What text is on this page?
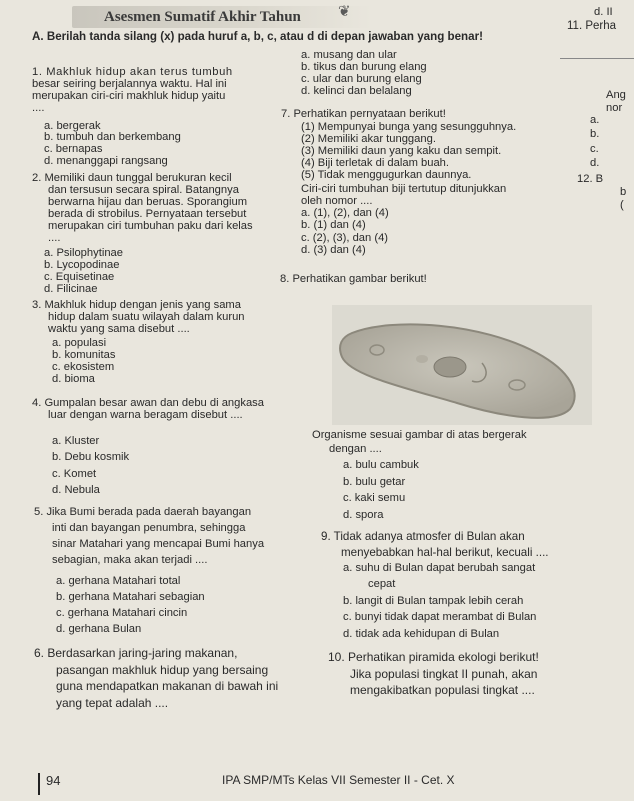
Asesmen Sumatif Akhir Tahun ❦	d. II
A. Berilah tanda silang (x) pada huruf a, b, c, atau d di depan jawaban yang benar!
11. Perha
Ang
nor
a.
b.
c.
d.
12. B
b
(
1. Makhluk hidup akan terus tumbuh
besar seiring berjalannya waktu. Hal ini
merupakan ciri-ciri makhluk hidup yaitu
....
a. bergerak
b. tumbuh dan berkembang
c. bernapas
d. menanggapi rangsang
2. Memiliki daun tunggal berukuran kecil
dan tersusun secara spiral. Batangnya
berwarna hijau dan beruas. Sporangium
berada di strobilus. Pernyataan tersebut
merupakan ciri tumbuhan paku dari kelas
....
a. Psilophytinae
b. Lycopodinae
c. Equisetinae
d. Filicinae
3. Makhluk hidup dengan jenis yang sama
hidup dalam suatu wilayah dalam kurun
waktu yang sama disebut ....
a. populasi
b. komunitas
c. ekosistem
d. bioma
4. Gumpalan besar awan dan debu di angkasa
luar dengan warna beragam disebut ....
a. Kluster
b. Debu kosmik
c. Komet
d. Nebula
5. Jika Bumi berada pada daerah bayangan
inti dan bayangan penumbra, sehingga
sinar Matahari yang mencapai Bumi hanya
sebagian, maka akan terjadi ....
a. gerhana Matahari total
b. gerhana Matahari sebagian
c. gerhana Matahari cincin
d. gerhana Bulan
6. Berdasarkan jaring-jaring makanan,
pasangan makhluk hidup yang bersaing
guna mendapatkan makanan di bawah ini
yang tepat adalah ....
a. musang dan ular
b. tikus dan burung elang
c. ular dan burung elang
d. kelinci dan belalang
7. Perhatikan pernyataan berikut!
(1) Mempunyai bunga yang sesungguhnya.
(2) Memiliki akar tunggang.
(3) Memiliki daun yang kaku dan sempit.
(4) Biji terletak di dalam buah.
(5) Tidak menggugurkan daunnya.
Ciri-ciri tumbuhan biji tertutup ditunjukkan
oleh nomor ....
a. (1), (2), dan (4)
b. (1) dan (4)
c. (2), (3), dan (4)
d. (3) dan (4)
8. Perhatikan gambar berikut!
Organisme sesuai gambar di atas bergerak
dengan ....
a. bulu cambuk
b. bulu getar
c. kaki semu
d. spora
9. Tidak adanya atmosfer di Bulan akan
menyebabkan hal-hal berikut, kecuali ....
a. suhu di Bulan dapat berubah sangat
cepat
b. langit di Bulan tampak lebih cerah
c. bunyi tidak dapat merambat di Bulan
d. tidak ada kehidupan di Bulan
10. Perhatikan piramida ekologi berikut!
Jika populasi tingkat II punah, akan
mengakibatkan populasi tingkat ....
94	IPA SMP/MTs Kelas VII Semester II - Cet. X
